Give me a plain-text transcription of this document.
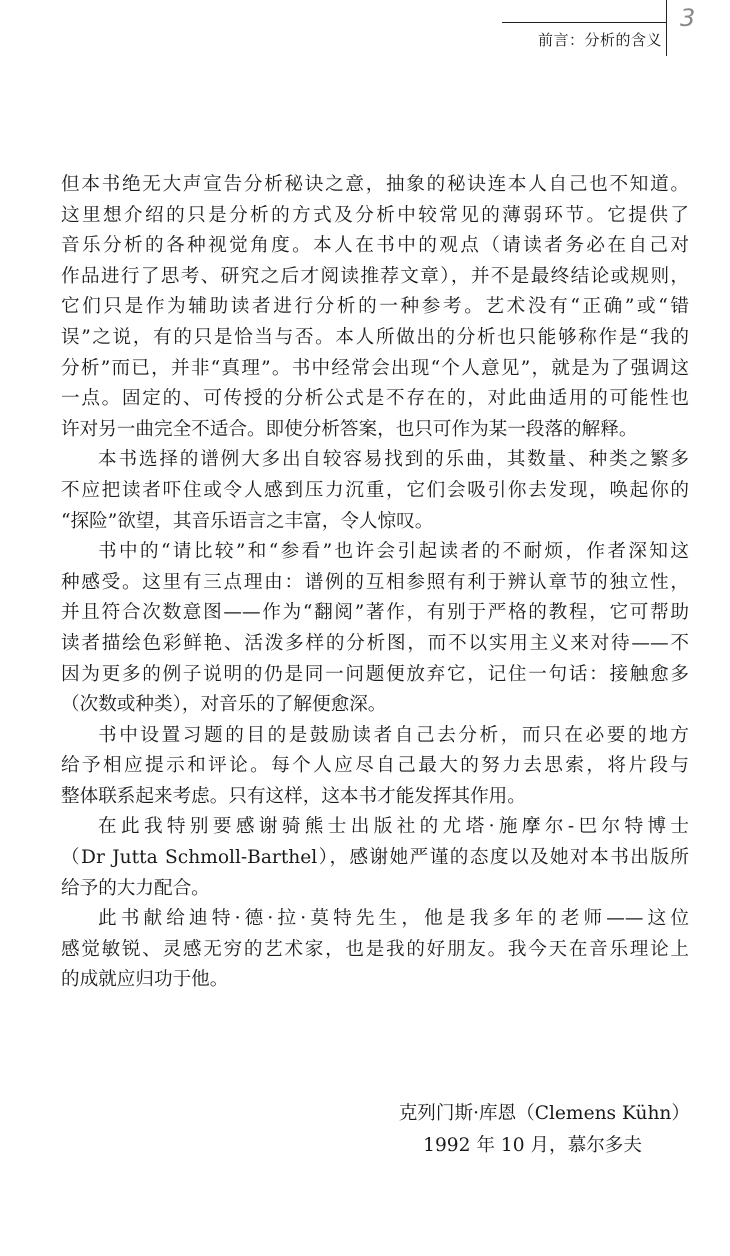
前言：分析的含义
3
但本书绝无大声宣告分析秘诀之意，抽象的秘诀连本人自己也不知道。
这里想介绍的只是分析的方式及分析中较常见的薄弱环节。它提供了
音乐分析的各种视觉角度。本人在书中的观点（请读者务必在自己对
作品进行了思考、研究之后才阅读推荐文章），并不是最终结论或规则，
它们只是作为辅助读者进行分析的一种参考。艺术没有“正确”或“错
误”之说，有的只是恰当与否。本人所做出的分析也只能够称作是“我的
分析”而已，并非“真理”。书中经常会出现“个人意见”，就是为了强调这
一点。固定的、可传授的分析公式是不存在的，对此曲适用的可能性也
许对另一曲完全不适合。即使分析答案，也只可作为某一段落的解释。
本书选择的谱例大多出自较容易找到的乐曲，其数量、种类之繁多
不应把读者吓住或令人感到压力沉重，它们会吸引你去发现，唤起你的
“探险”欲望，其音乐语言之丰富，令人惊叹。
书中的“请比较”和“参看”也许会引起读者的不耐烦，作者深知这
种感受。这里有三点理由：谱例的互相参照有利于辨认章节的独立性，
并且符合次数意图——作为“翻阅”著作，有别于严格的教程，它可帮助
读者描绘色彩鲜艳、活泼多样的分析图，而不以实用主义来对待——不
因为更多的例子说明的仍是同一问题便放弃它，记住一句话：接触愈多
（次数或种类），对音乐的了解便愈深。
书中设置习题的目的是鼓励读者自己去分析，而只在必要的地方
给予相应提示和评论。每个人应尽自己最大的努力去思索，将片段与
整体联系起来考虑。只有这样，这本书才能发挥其作用。
在此我特别要感谢骑熊士出版社的尤塔·施摩尔-巴尔特博士
（Dr Jutta Schmoll-Barthel），感谢她严谨的态度以及她对本书出版所
给予的大力配合。
此书献给迪特·德·拉·莫特先生，他是我多年的老师——这位
感觉敏锐、灵感无穷的艺术家，也是我的好朋友。我今天在音乐理论上
的成就应归功于他。
克列门斯·库恩（Clemens Kühn）
1992 年 10 月，慕尔多夫
